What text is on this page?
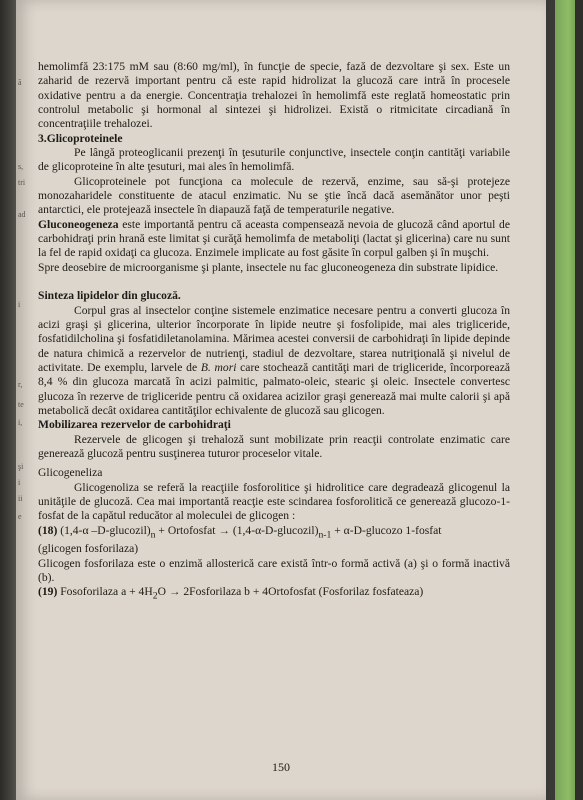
ă
s,
tri
ad
i
r,
te
i,
şi
i
ii
e

hemolimfă 23:175 mM sau (8:60 mg/ml), în funcţie de specie, fază de dezvoltare şi sex. Este un zaharid de rezervă important pentru că este rapid hidrolizat la glucoză care intră în procesele oxidative pentru a da energie. Concentraţia trehalozei în hemolimfă este reglată homeostatic prin controlul metabolic şi hormonal al sintezei şi hidrolizei. Există o ritmicitate circadiană în concentraţiile trehalozei.

3.Glicoproteinele

Pe lângă proteoglicanii prezenţi în ţesuturile conjunctive, insectele conţin cantităţi variabile de glicoproteine în alte ţesuturi, mai ales în hemolimfă.

Glicoproteinele pot funcţiona ca molecule de rezervă, enzime, sau să-şi protejeze monozaharidele constituente de atacul enzimatic. Nu se ştie încă dacă asemănător unor peşti antarctici, ele protejează insectele în diapauză faţă de temperaturile negative.

Gluconeogeneza este importantă pentru că aceasta compensează nevoia de glucoză când aportul de carbohidraţi prin hrană este limitat şi curăţă hemolimfa de metaboliţi (lactat şi glicerina) care nu sunt la fel de rapid oxidaţi ca glucoza. Enzimele implicate au fost găsite în corpul galben şi în muşchi.

Spre deosebire de microorganisme şi plante, insectele nu fac gluconeogeneza din substrate lipidice.

Sinteza lipidelor din glucoză.

Corpul gras al insectelor conţine sistemele enzimatice necesare pentru a converti glucoza în acizi graşi şi glicerina, ulterior încorporate în lipide neutre şi fosfolipide, mai ales trigliceride, fosfatidilcholina şi fosfatidiletanolamina. Mărimea acestei conversii de carbohidraţi în lipide depinde de natura chimică a rezervelor de nutrienţi, stadiul de dezvoltare, starea nutriţională şi nivelul de activitate. De exemplu, larvele de B. mori care stochează cantităţi mari de trigliceride, încorporează 8,4 % din glucoza marcată în acizi palmitic, palmato-oleic, stearic şi oleic. Insectele convertesc glucoza în rezerve de trigliceride pentru că oxidarea acizilor graşi generează mai multe calorii şi apă metabolică decât oxidarea cantităţilor echivalente de glucoză sau glicogen.

Mobilizarea rezervelor de carbohidraţi

Rezervele de glicogen şi trehaloză sunt mobilizate prin reacţii controlate enzimatic care generează glucoză pentru susţinerea tuturor proceselor vitale.

Glicogeneliza

Glicogenoliza se referă la reacţiile fosforolitice şi hidrolitice care degradează glicogenul la unităţile de glucoză. Cea mai importantă reacţie este scindarea fosforolitică ce generează glucozo-1-fosfat de la capătul reducător al moleculei de glicogen :

(18) (1,4-α $-D-glucozil)_n$ + Ortofosfat → $(1,4-\alpha-D-glucozil)_{n-1}$ + α-D-glucozo 1-fosfat

(glicogen fosforilaza)

Glicogen fosforilaza este o enzimă allosterică care există într-o formă activă (a) şi o formă inactivă (b).

(19) Fosoforilaza $a + 4H_2O$ → 2Fosforilaza b + 4Ortofosfat (Fosforilaz fosfateaza)

150
